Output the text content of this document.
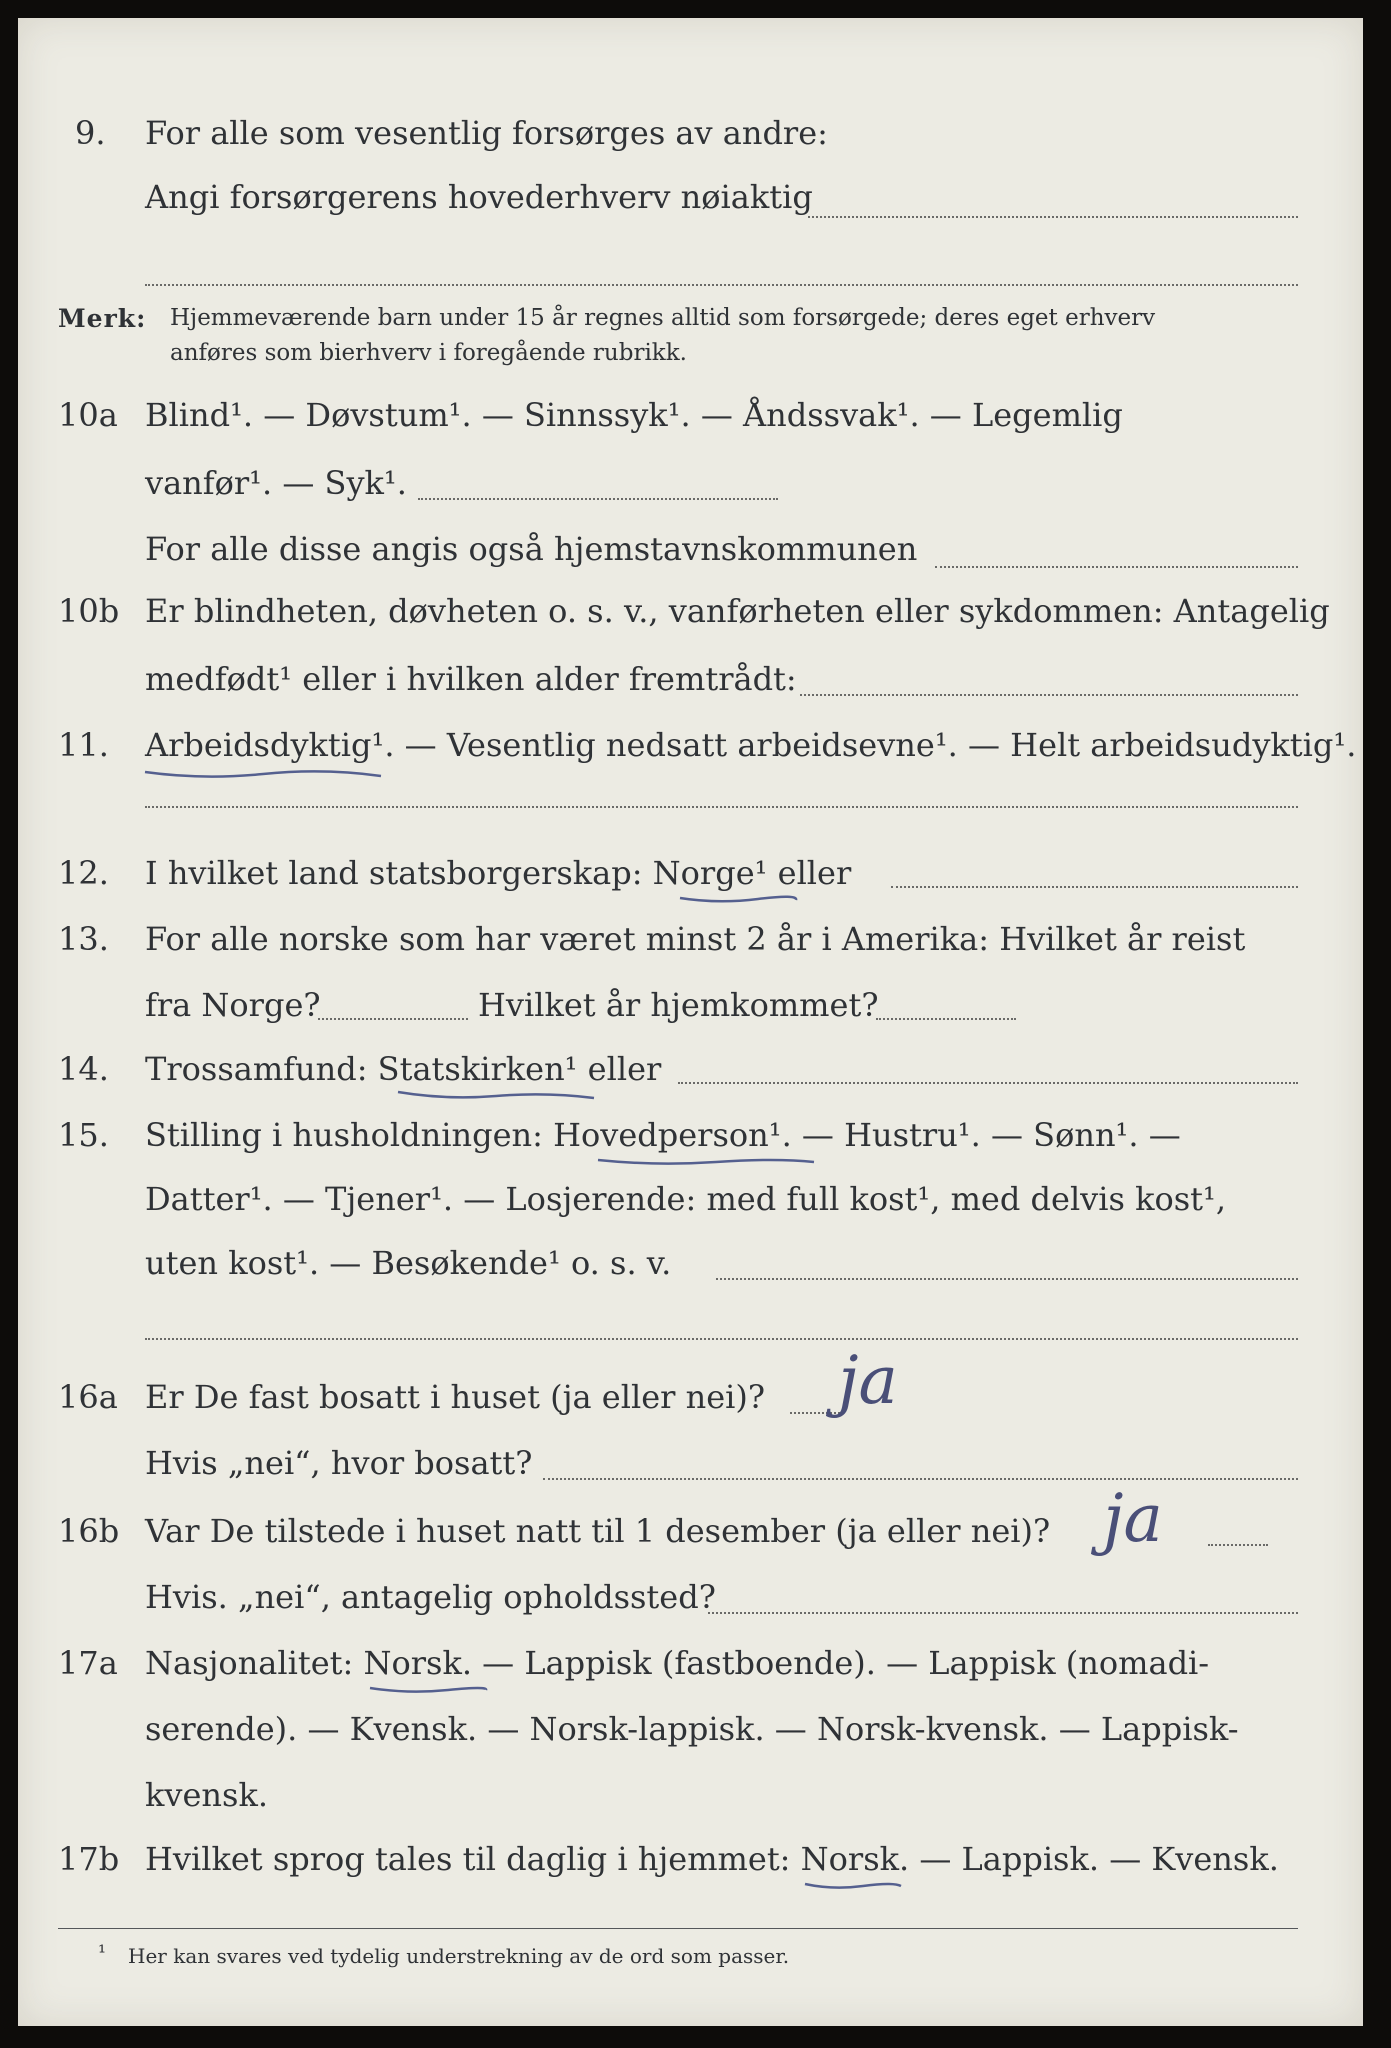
9. For alle som vesentlig forsørges av andre:
Angi forsørgerens hovederhverv nøiaktig
Merk: Hjemmeværende barn under 15 år regnes alltid som forsørgede; deres eget erhverv
anføres som bierhverv i foregående rubrikk.
10a Blind¹. — Døvstum¹. — Sinnssyk¹. — Åndssvak¹. — Legemlig
vanfør¹. — Syk¹.
For alle disse angis også hjemstavnskommunen
10b Er blindheten, døvheten o. s. v., vanførheten eller sykdommen: Antagelig
medfødt¹ eller i hvilken alder fremtrådt:
11. Arbeidsdyktig¹. — Vesentlig nedsatt arbeidsevne¹. — Helt arbeidsudyktig¹.
12. I hvilket land statsborgerskap: Norge¹ eller
13. For alle norske som har været minst 2 år i Amerika: Hvilket år reist
fra Norge?	Hvilket år hjemkommet?
14. Trossamfund: Statskirken¹ eller
15. Stilling i husholdningen: Hovedperson¹. — Hustru¹. — Sønn¹. —
Datter¹. — Tjener¹. — Losjerende: med full kost¹, med delvis kost¹,
uten kost¹. — Besøkende¹ o. s. v.
16a Er De fast bosatt i huset (ja eller nei)? ja
Hvis „nei“, hvor bosatt?
16b Var De tilstede i huset natt til 1 desember (ja eller nei)? ja
Hvis. „nei“, antagelig opholdssted?
17a Nasjonalitet: Norsk. — Lappisk (fastboende). — Lappisk (nomadi-
serende). — Kvensk. — Norsk-lappisk. — Norsk-kvensk. — Lappisk-
kvensk.
17b Hvilket sprog tales til daglig i hjemmet: Norsk. — Lappisk. — Kvensk.
¹ Her kan svares ved tydelig understrekning av de ord som passer.
